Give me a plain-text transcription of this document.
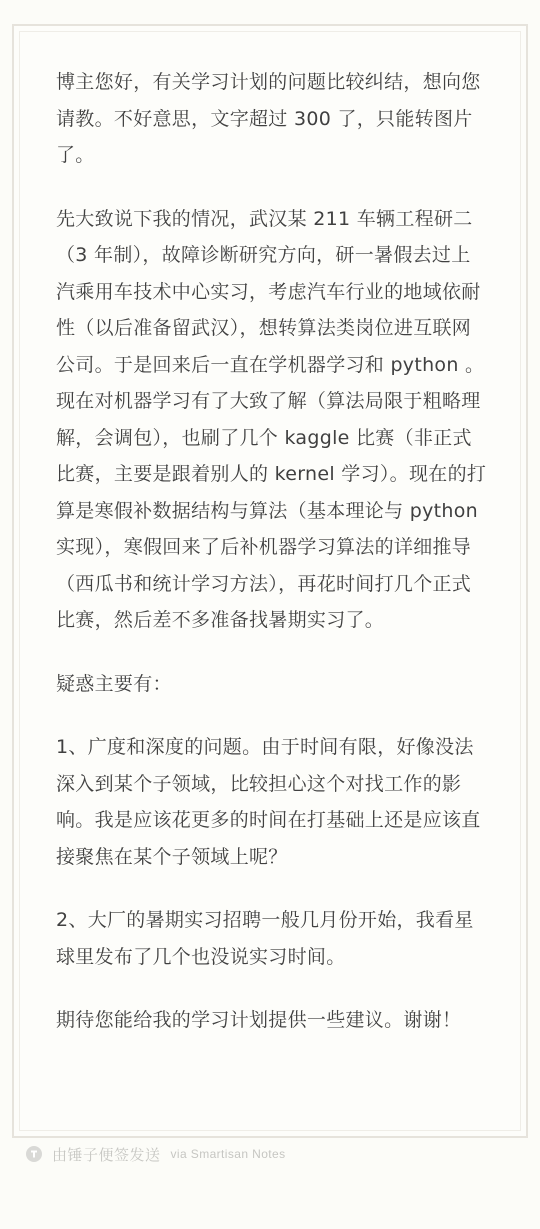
博主您好，有关学习计划的问题比较纠结，想向您请教。不好意思，文字超过 300 了，只能转图片了。

先大致说下我的情况，武汉某 211 车辆工程研二（3 年制），故障诊断研究方向，研一暑假去过上汽乘用车技术中心实习，考虑汽车行业的地域依耐性（以后准备留武汉），想转算法类岗位进互联网公司。于是回来后一直在学机器学习和 python 。现在对机器学习有了大致了解（算法局限于粗略理解，会调包），也刷了几个 kaggle 比赛（非正式比赛，主要是跟着别人的 kernel 学习）。现在的打算是寒假补数据结构与算法（基本理论与 python 实现），寒假回来了后补机器学习算法的详细推导（西瓜书和统计学习方法），再花时间打几个正式比赛，然后差不多准备找暑期实习了。

疑惑主要有：

1、广度和深度的问题。由于时间有限，好像没法深入到某个子领域，比较担心这个对找工作的影响。我是应该花更多的时间在打基础上还是应该直接聚焦在某个子领域上呢？

2、大厂的暑期实习招聘一般几月份开始，我看星球里发布了几个也没说实习时间。

期待您能给我的学习计划提供一些建议。谢谢！

由锤子便签发送 via Smartisan Notes
